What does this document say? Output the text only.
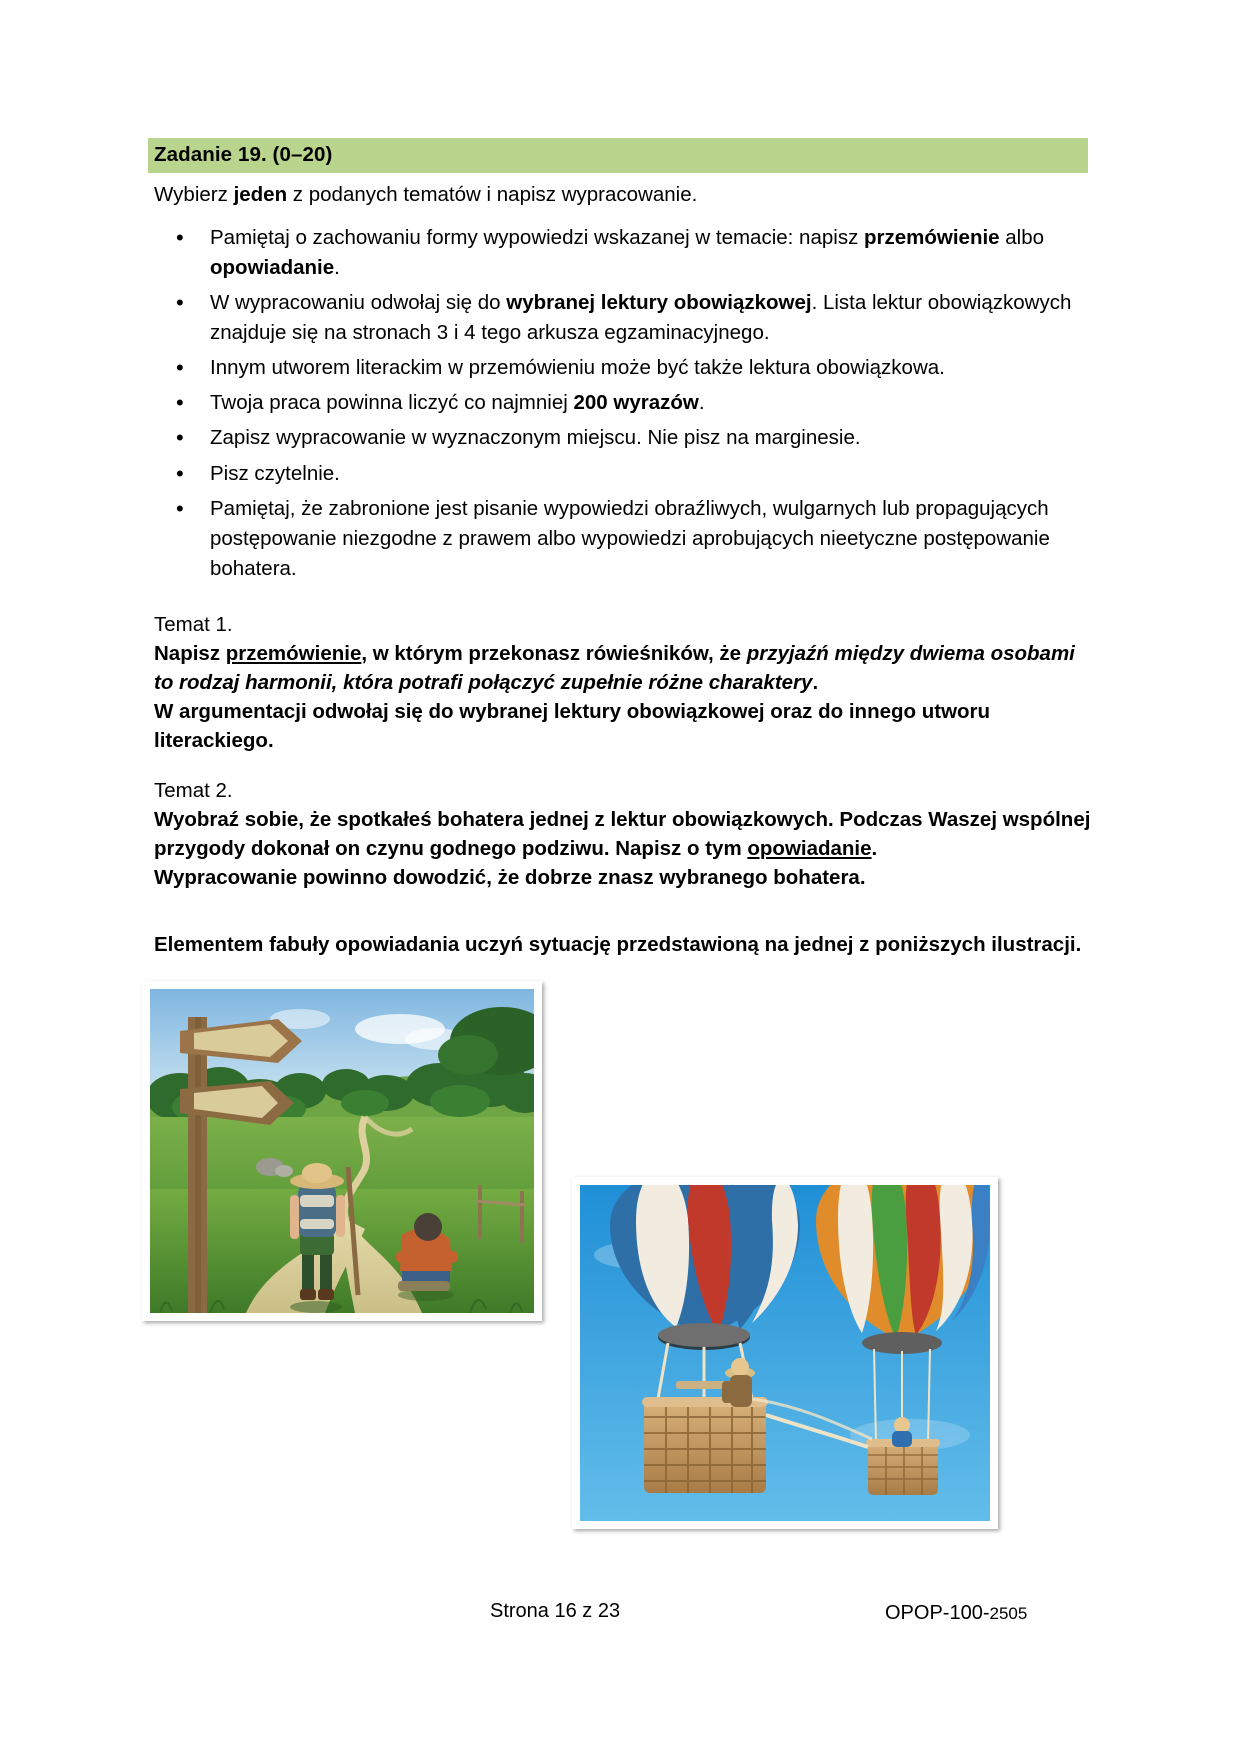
Zadanie 19. (0–20)
Wybierz jeden z podanych tematów i napisz wypracowanie.
• Pamiętaj o zachowaniu formy wypowiedzi wskazanej w temacie: napisz przemówienie albo opowiadanie.
• W wypracowaniu odwołaj się do wybranej lektury obowiązkowej. Lista lektur obowiązkowych znajduje się na stronach 3 i 4 tego arkusza egzaminacyjnego.
• Innym utworem literackim w przemówieniu może być także lektura obowiązkowa.
• Twoja praca powinna liczyć co najmniej 200 wyrazów.
• Zapisz wypracowanie w wyznaczonym miejscu. Nie pisz na marginesie.
• Pisz czytelnie.
• Pamiętaj, że zabronione jest pisanie wypowiedzi obraźliwych, wulgarnych lub propagujących postępowanie niezgodne z prawem albo wypowiedzi aprobujących nieetyczne postępowanie bohatera.
Temat 1.
Napisz przemówienie, w którym przekonasz rówieśników, że przyjaźń między dwiema osobami to rodzaj harmonii, która potrafi połączyć zupełnie różne charaktery.
W argumentacji odwołaj się do wybranej lektury obowiązkowej oraz do innego utworu literackiego.
Temat 2.
Wyobraź sobie, że spotkałeś bohatera jednej z lektur obowiązkowych. Podczas Waszej wspólnej przygody dokonał on czynu godnego podziwu. Napisz o tym opowiadanie.
Wypracowanie powinno dowodzić, że dobrze znasz wybranego bohatera.
Elementem fabuły opowiadania uczyń sytuację przedstawioną na jednej z poniższych ilustracji.
Strona 16 z 23	OPOP-100-2505
